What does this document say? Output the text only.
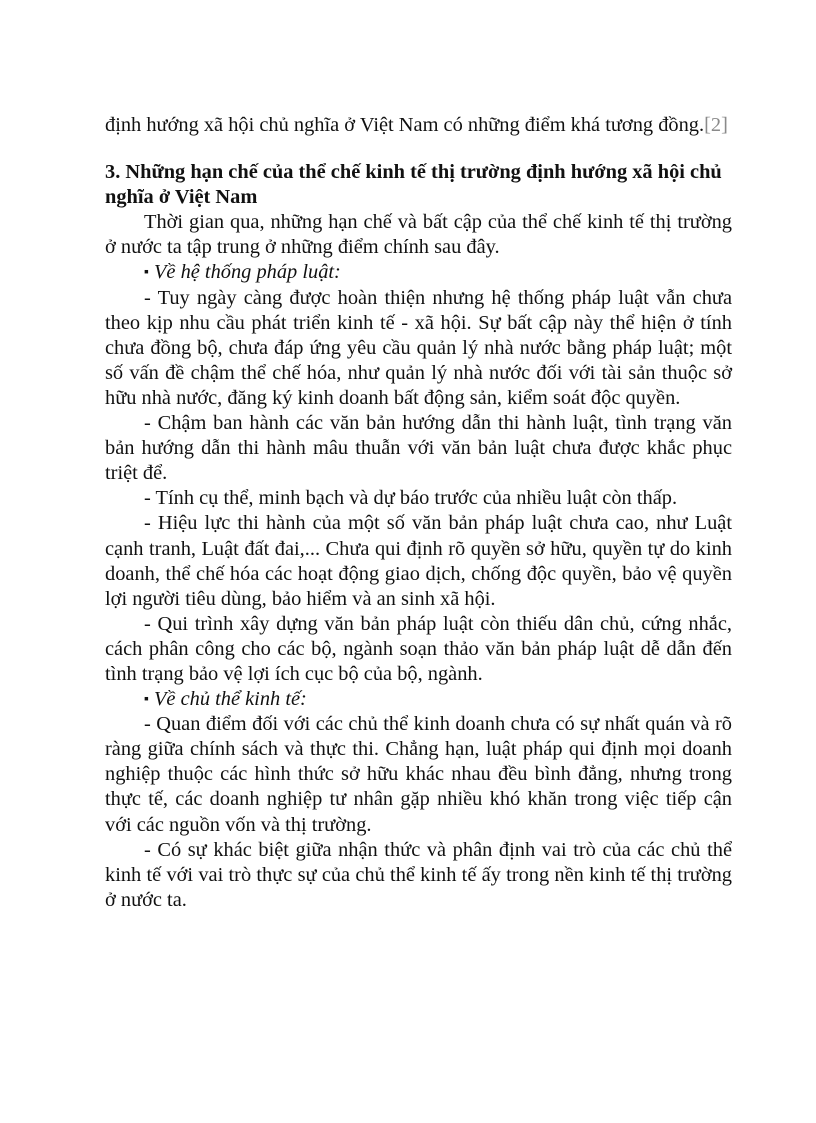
định hướng xã hội chủ nghĩa ở Việt Nam có những điểm khá tương đồng.[2]

3. Những hạn chế của thể chế kinh tế thị trường định hướng xã hội chủ nghĩa ở Việt Nam

Thời gian qua, những hạn chế và bất cập của thể chế kinh tế thị trường ở nước ta tập trung ở những điểm chính sau đây.

▪ Về hệ thống pháp luật:

- Tuy ngày càng được hoàn thiện nhưng hệ thống pháp luật vẫn chưa theo kịp nhu cầu phát triển kinh tế - xã hội. Sự bất cập này thể hiện ở tính chưa đồng bộ, chưa đáp ứng yêu cầu quản lý nhà nước bằng pháp luật; một số vấn đề chậm thể chế hóa, như quản lý nhà nước đối với tài sản thuộc sở hữu nhà nước, đăng ký kinh doanh bất động sản, kiểm soát độc quyền.

- Chậm ban hành các văn bản hướng dẫn thi hành luật, tình trạng văn bản hướng dẫn thi hành mâu thuẫn với văn bản luật chưa được khắc phục triệt để.

- Tính cụ thể, minh bạch và dự báo trước của nhiều luật còn thấp.

- Hiệu lực thi hành của một số văn bản pháp luật chưa cao, như Luật cạnh tranh, Luật đất đai,... Chưa qui định rõ quyền sở hữu, quyền tự do kinh doanh, thể chế hóa các hoạt động giao dịch, chống độc quyền, bảo vệ quyền lợi người tiêu dùng, bảo hiểm và an sinh xã hội.

- Qui trình xây dựng văn bản pháp luật còn thiếu dân chủ, cứng nhắc, cách phân công cho các bộ, ngành soạn thảo văn bản pháp luật dễ dẫn đến tình trạng bảo vệ lợi ích cục bộ của bộ, ngành.

▪ Về chủ thể kinh tế:

- Quan điểm đối với các chủ thể kinh doanh chưa có sự nhất quán và rõ ràng giữa chính sách và thực thi. Chẳng hạn, luật pháp qui định mọi doanh nghiệp thuộc các hình thức sở hữu khác nhau đều bình đẳng, nhưng trong thực tế, các doanh nghiệp tư nhân gặp nhiều khó khăn trong việc tiếp cận với các nguồn vốn và thị trường.

- Có sự khác biệt giữa nhận thức và phân định vai trò của các chủ thể kinh tế với vai trò thực sự của chủ thể kinh tế ấy trong nền kinh tế thị trường ở nước ta.
